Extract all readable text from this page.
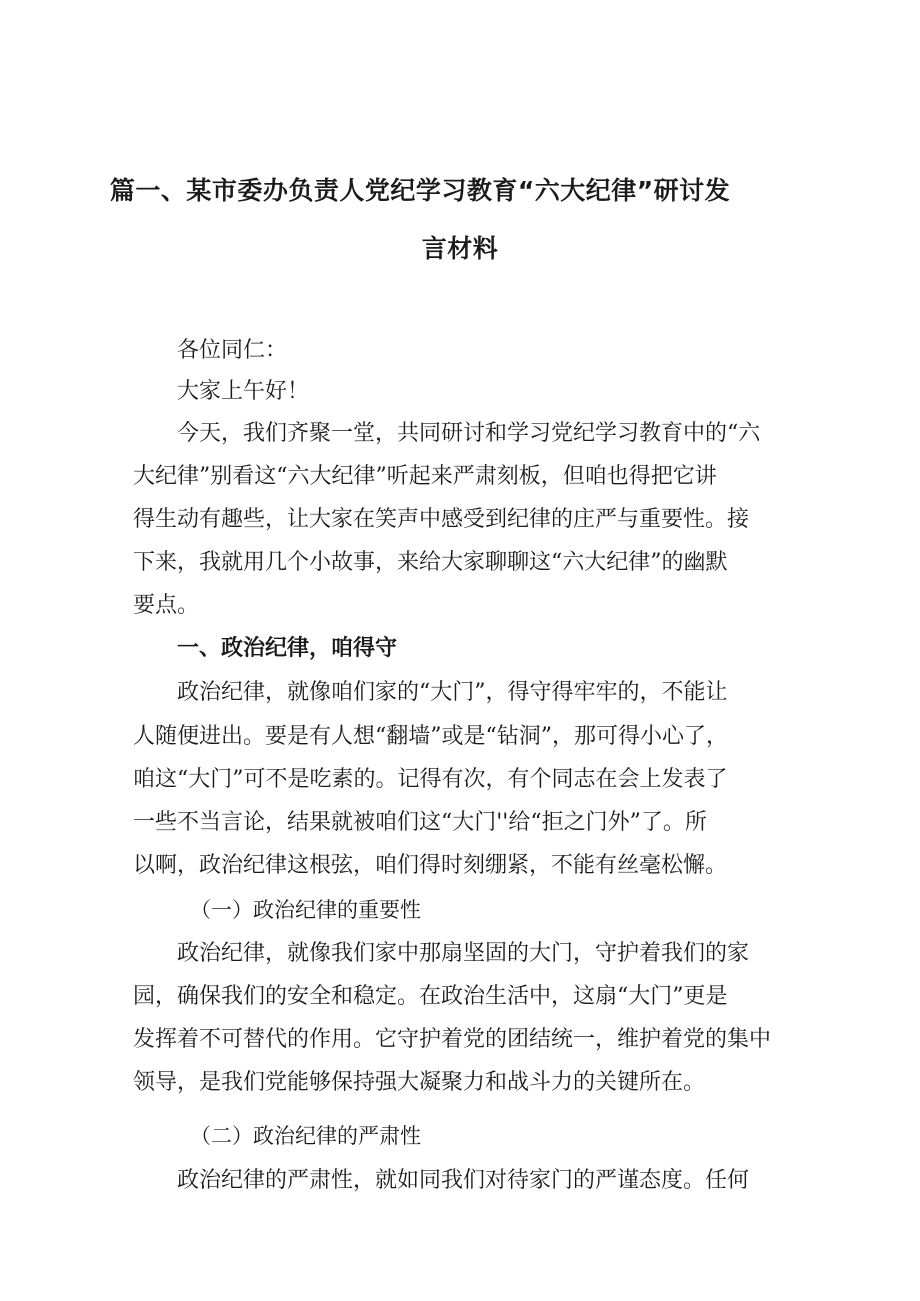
篇一、某市委办负责人党纪学习教育“六大纪律”研讨发
言材料
各位同仁：
大家上午好！
今天，我们齐聚一堂，共同研讨和学习党纪学习教育中的“六
大纪律”别看这“六大纪律”听起来严肃刻板，但咱也得把它讲
得生动有趣些，让大家在笑声中感受到纪律的庄严与重要性。接
下来，我就用几个小故事，来给大家聊聊这“六大纪律”的幽默
要点。
一、政治纪律，咱得守
政治纪律，就像咱们家的“大门”，得守得牢牢的，不能让
人随便进出。要是有人想“翻墙”或是“钻洞”，那可得小心了，
咱这“大门”可不是吃素的。记得有次，有个同志在会上发表了
一些不当言论，结果就被咱们这“大门''给“拒之门外”了。所
以啊，政治纪律这根弦，咱们得时刻绷紧，不能有丝毫松懈。
（一）政治纪律的重要性
政治纪律，就像我们家中那扇坚固的大门，守护着我们的家
园，确保我们的安全和稳定。在政治生活中，这扇“大门”更是
发挥着不可替代的作用。它守护着党的团结统一，维护着党的集中
领导，是我们党能够保持强大凝聚力和战斗力的关键所在。
（二）政治纪律的严肃性
政治纪律的严肃性，就如同我们对待家门的严谨态度。任何
